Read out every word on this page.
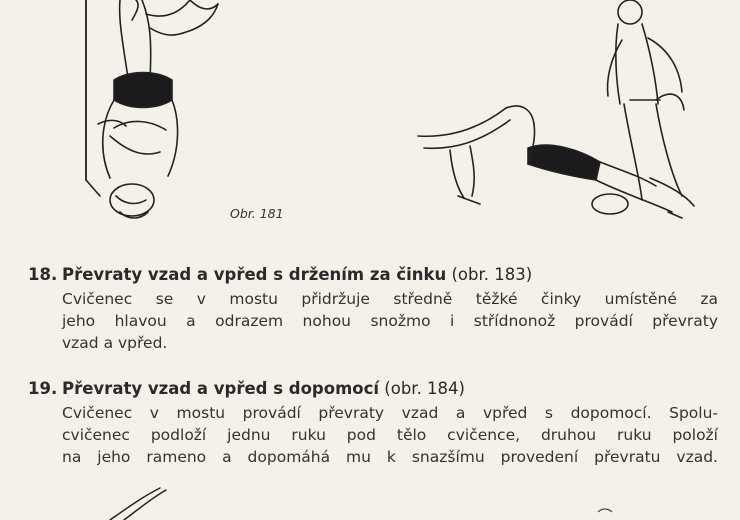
Obr. 181
18. Převraty vzad a vpřed s držením za činku (obr. 183)
Cvičenec se v mostu přidržuje středně těžké činky umístěné za
jeho hlavou a odrazem nohou snožmo i střídnonož provádí převraty
vzad a vpřed.
19. Převraty vzad a vpřed s dopomocí (obr. 184)
Cvičenec v mostu provádí převraty vzad a vpřed s dopomocí. Spolu-
cvičenec podloží jednu ruku pod tělo cvičence, druhou ruku položí
na jeho rameno a dopomáhá mu k snazšímu provedení převratu vzad.
